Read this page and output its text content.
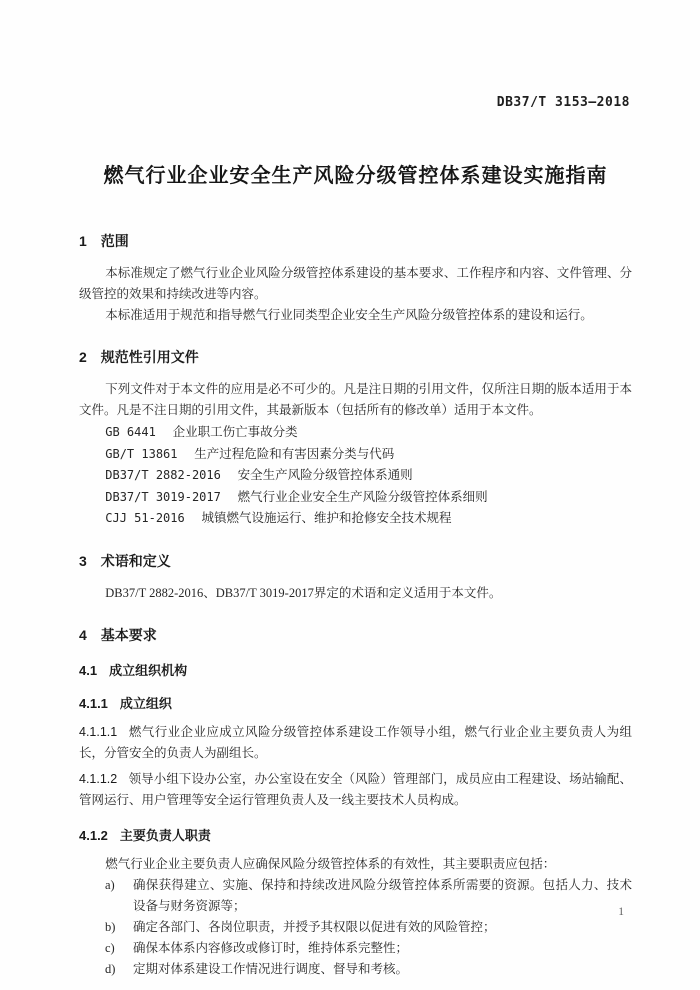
DB37/T 3153—2018
燃气行业企业安全生产风险分级管控体系建设实施指南
1 范围

本标准规定了燃气行业企业风险分级管控体系建设的基本要求、工作程序和内容、文件管理、分级管控的效果和持续改进等内容。

本标准适用于规范和指导燃气行业同类型企业安全生产风险分级管控体系的建设和运行。

2 规范性引用文件

下列文件对于本文件的应用是必不可少的。凡是注日期的引用文件，仅所注日期的版本适用于本文件。凡是不注日期的引用文件，其最新版本（包括所有的修改单）适用于本文件。

GB 6441 企业职工伤亡事故分类
GB/T 13861 生产过程危险和有害因素分类与代码
DB37/T 2882-2016 安全生产风险分级管控体系通则
DB37/T 3019-2017 燃气行业企业安全生产风险分级管控体系细则
CJJ 51-2016 城镇燃气设施运行、维护和抢修安全技术规程
3 术语和定义

DB37/T 2882-2016、DB37/T 3019-2017界定的术语和定义适用于本文件。

4 基本要求
4.1 成立组织机构
4.1.1 成立组织

4.1.1.1 燃气行业企业应成立风险分级管控体系建设工作领导小组，燃气行业企业主要负责人为组长，分管安全的负责人为副组长。

4.1.1.2 领导小组下设办公室，办公室设在安全（风险）管理部门，成员应由工程建设、场站输配、管网运行、用户管理等安全运行管理负责人及一线主要技术人员构成。

4.1.2 主要负责人职责

燃气行业企业主要负责人应确保风险分级管控体系的有效性，其主要职责应包括：

a)	确保获得建立、实施、保持和持续改进风险分级管控体系所需要的资源。包括人力、技术设备与财务资源等；
b)	确定各部门、各岗位职责，并授予其权限以促进有效的风险管控；
c)	确保本体系内容修改或修订时，维持体系完整性；
d)	定期对体系建设工作情况进行调度、督导和考核。
1
